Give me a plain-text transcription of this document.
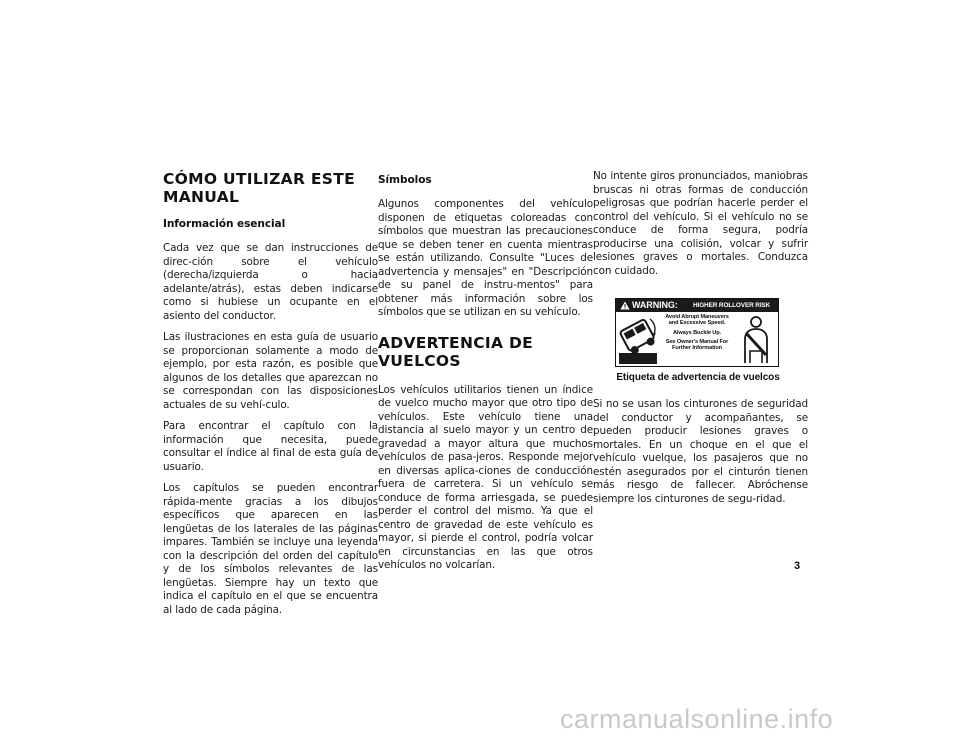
CÓMO UTILIZAR ESTE MANUAL
Información esencial

Cada vez que se dan instrucciones de direc-ción sobre el vehículo (derecha/izquierda o hacia adelante/atrás), estas deben indicarse como si hubiese un ocupante en el asiento del conductor.

Las ilustraciones en esta guía de usuario se proporcionan solamente a modo de ejemplo, por esta razón, es posible que algunos de los detalles que aparezcan no se correspondan con las disposiciones actuales de su vehí-culo.

Para encontrar el capítulo con la información que necesita, puede consultar el índice al final de esta guía de usuario.

Los capítulos se pueden encontrar rápida-mente gracias a los dibujos específicos que aparecen en las lengüetas de los laterales de las páginas impares. También se incluye una leyenda con la descripción del orden del capítulo y de los símbolos relevantes de las lengüetas. Siempre hay un texto que indica el capítulo en el que se encuentra al lado de cada página.

Símbolos

Algunos componentes del vehículo disponen de etiquetas coloreadas con símbolos que muestran las precauciones que se deben tener en cuenta mientras se están utilizando. Consulte "Luces de advertencia y mensajes" en "Descripción de su panel de instru-mentos" para obtener más información sobre los símbolos que se utilizan en su vehículo.

ADVERTENCIA DE VUELCOS

Los vehículos utilitarios tienen un índice de vuelco mucho mayor que otro tipo de vehículos. Este vehículo tiene una distancia al suelo mayor y un centro de gravedad a mayor altura que muchos vehículos de pasa-jeros. Responde mejor en diversas aplica-ciones de conducción fuera de carretera. Si un vehículo se conduce de forma arriesgada, se puede perder el control del mismo. Ya que el centro de gravedad de este vehículo es mayor, si pierde el control, podría volcar en circunstancias en las que otros vehículos no volcarían.

No intente giros pronunciados, maniobras bruscas ni otras formas de conducción peligrosas que podrían hacerle perder el control del vehículo. Si el vehículo no se conduce de forma segura, podría producirse una colisión, volcar y sufrir lesiones graves o mortales. Conduzca con cuidado.

WARNING: HIGHER ROLLOVER RISK
Avoid Abrupt Maneuvers and Excessive Speed.
Always Buckle Up.
See Owner's Manual For Further Information
Etiqueta de advertencia de vuelcos

Si no se usan los cinturones de seguridad del conductor y acompañantes, se pueden producir lesiones graves o mortales. En un choque en el que el vehículo vuelque, los pasajeros que no estén asegurados por el cinturón tienen más riesgo de fallecer. Abróchense siempre los cinturones de segu-ridad.

3
carmanualsonline.info
